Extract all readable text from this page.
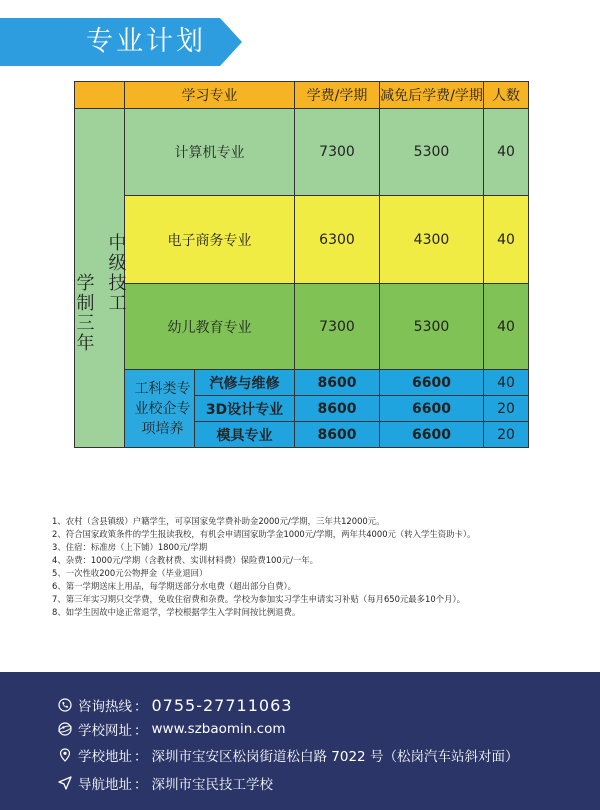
专业计划
	学习专业		学费/学期	减免后学费/学期	人数

学制三年 中级技工	计算机专业		7300	5300	40
	电子商务专业		6300	4300	40
	幼儿教育专业		7300	5300	40
	工科类专业校企专项培养	汽修与维修	8600	6600	40
		3D设计专业	8600	6600	20
		模具专业	8600	6600	20
1、农村（含县镇级）户籍学生，可享国家免学费补助金2000元/学期，三年共12000元。
2、符合国家政策条件的学生报读我校，有机会申请国家助学金1000元/学期，两年共4000元（转入学生资助卡）。
3、住宿：标准房（上下铺）1800元/学期
4、杂费：1000元/学期（含教材费、实训材料费）保险费100元/一年。
5、一次性收200元公物押金（毕业退回）
6、第一学期送床上用品，每学期送部分水电费（超出部分自费）。
7、第三年实习期只交学费，免收住宿费和杂费。学校为参加实习学生申请实习补贴（每月650元最多10个月）。
8、如学生因故中途正常退学，学校根据学生入学时间按比例退费。
咨询热线 ： 0755-27711063
学校网址 ： www.szbaomin.com
学校地址 ： 深圳市宝安区松岗街道松白路 7022 号（松岗汽车站斜对面）
导航地址 ： 深圳市宝民技工学校
